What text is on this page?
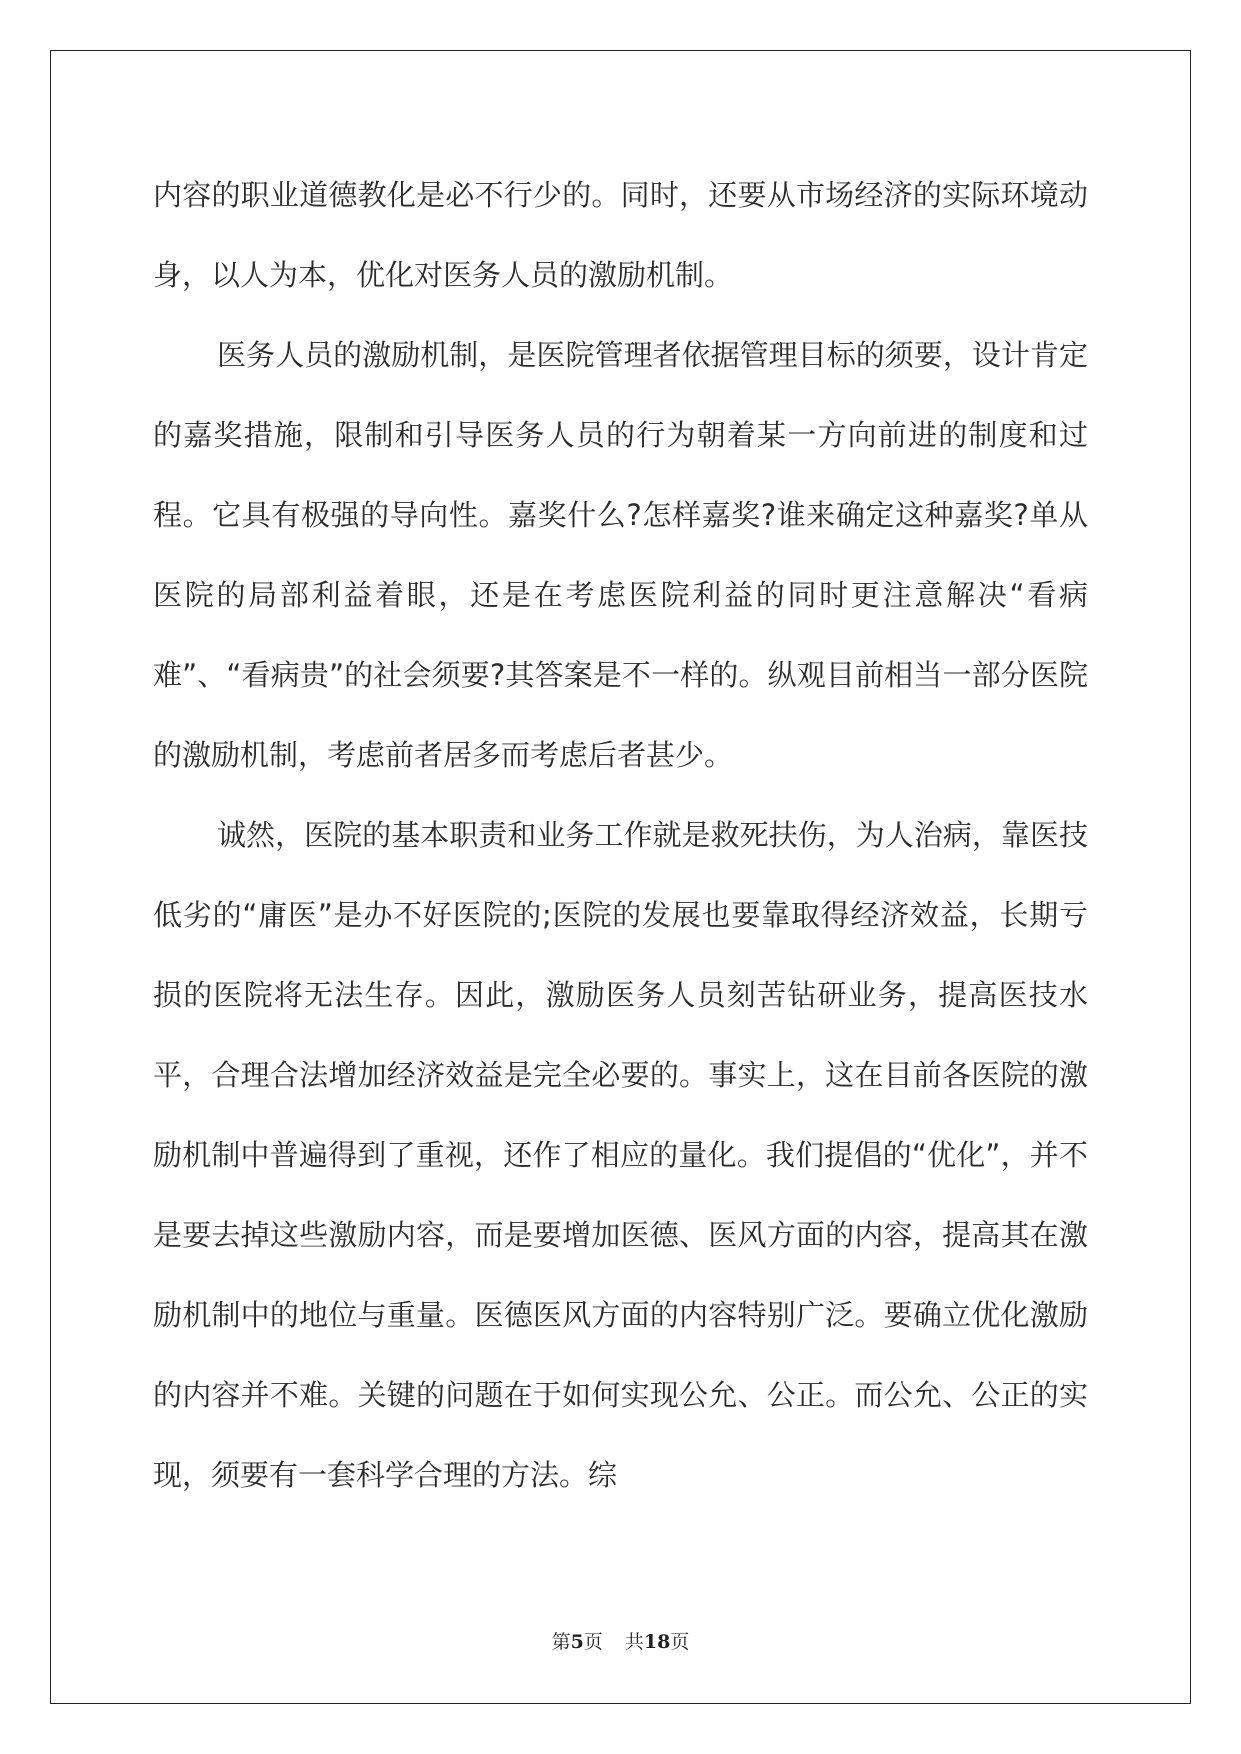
内容的职业道德教化是必不行少的。同时，还要从市场经济的实际环境动身，以人为本，优化对医务人员的激励机制。

医务人员的激励机制，是医院管理者依据管理目标的须要，设计肯定的嘉奖措施，限制和引导医务人员的行为朝着某一方向前进的制度和过程。它具有极强的导向性。嘉奖什么?怎样嘉奖?谁来确定这种嘉奖?单从医院的局部利益着眼，还是在考虑医院利益的同时更注意解决“看病难”、“看病贵”的社会须要?其答案是不一样的。纵观目前相当一部分医院的激励机制，考虑前者居多而考虑后者甚少。

诚然，医院的基本职责和业务工作就是救死扶伤，为人治病，靠医技低劣的“庸医”是办不好医院的;医院的发展也要靠取得经济效益，长期亏损的医院将无法生存。因此，激励医务人员刻苦钻研业务，提高医技水平，合理合法增加经济效益是完全必要的。事实上，这在目前各医院的激励机制中普遍得到了重视，还作了相应的量化。我们提倡的“优化”，并不是要去掉这些激励内容，而是要增加医德、医风方面的内容，提高其在激励机制中的地位与重量。医德医风方面的内容特别广泛。要确立优化激励的内容并不难。关键的问题在于如何实现公允、公正。而公允、公正的实现，须要有一套科学合理的方法。综

第5页 共18页
